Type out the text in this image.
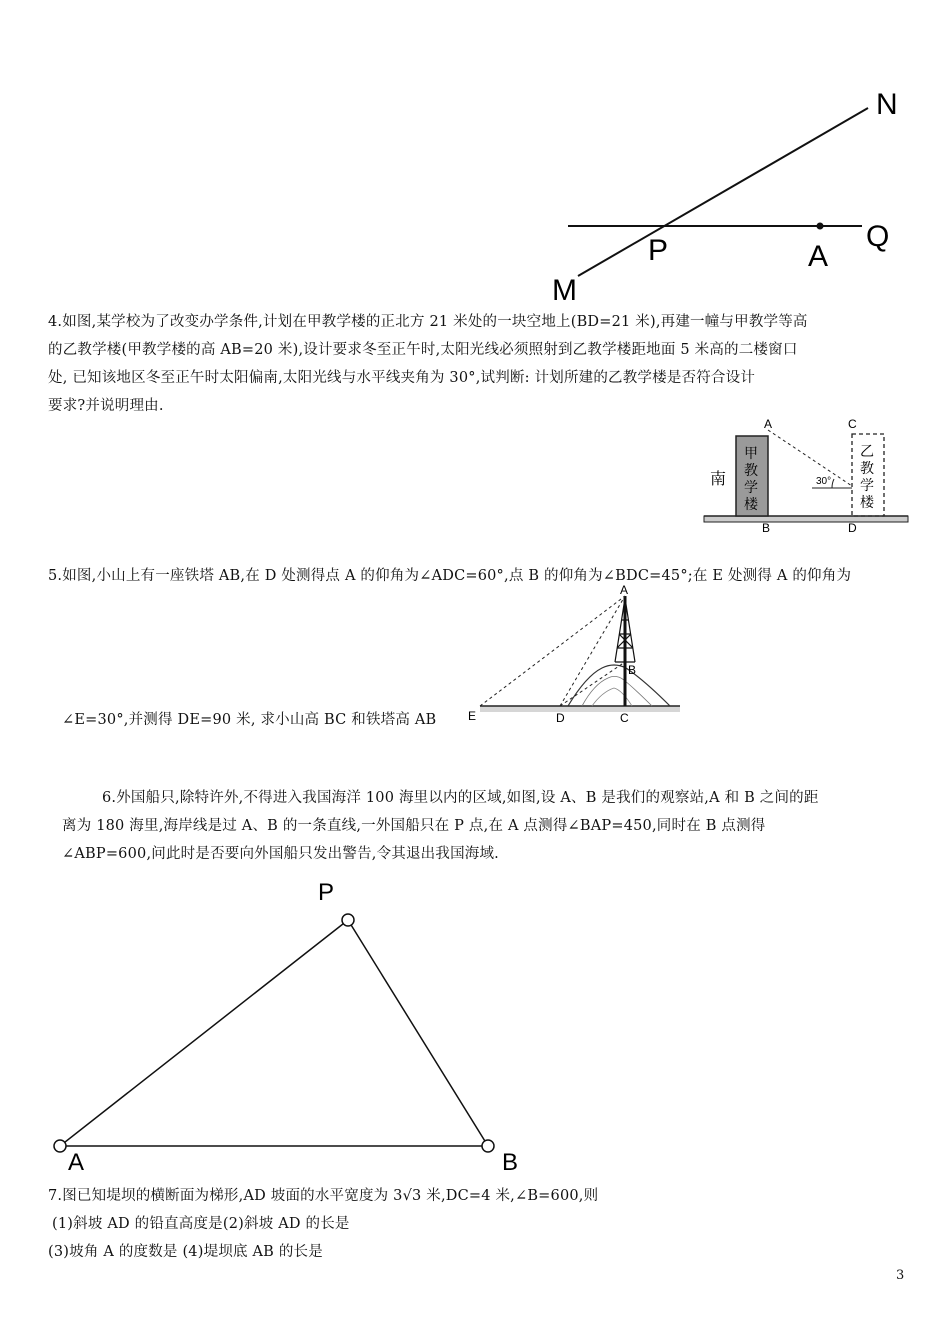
N
P	A
Q
M
4.如图,某学校为了改变办学条件,计划在甲教学楼的正北方 21 米处的一块空地上(BD=21 米),再建一幢与甲教学等高
的乙教学楼(甲教学楼的高 AB=20 米),设计要求冬至正午时,太阳光线必须照射到乙教学楼距地面 5 米高的二楼窗口
处, 已知该地区冬至正午时太阳偏南,太阳光线与水平线夹角为 30°,试判断: 计划所建的乙教学楼是否符合设计
要求?并说明理由.
南
甲
教
学
楼
乙
教
学
楼
30°
A
B
C
D
5.如图,小山上有一座铁塔 AB,在 D 处测得点 A 的仰角为∠ADC=60°,点 B 的仰角为∠BDC=45°;在 E 处测得 A 的仰角为
A
B
C
D
E
∠E=30°,并测得 DE=90 米, 求小山高 BC 和铁塔高 AB
6.外国船只,除特许外,不得进入我国海洋 100 海里以内的区域,如图,设 A、B 是我们的观察站,A 和 B 之间的距
离为 180 海里,海岸线是过 A、B 的一条直线,一外国船只在 P 点,在 A 点测得∠BAP=450,同时在 B 点测得
∠ABP=600,问此时是否要向外国船只发出警告,令其退出我国海域.
P
A	B
7.图已知堤坝的横断面为梯形,AD 坡面的水平宽度为 3√3 米,DC=4 米,∠B=600,则
(1)斜坡 AD 的铅直高度是(2)斜坡 AD 的长是
(3)坡角 A 的度数是 (4)堤坝底 AB 的长是
3
